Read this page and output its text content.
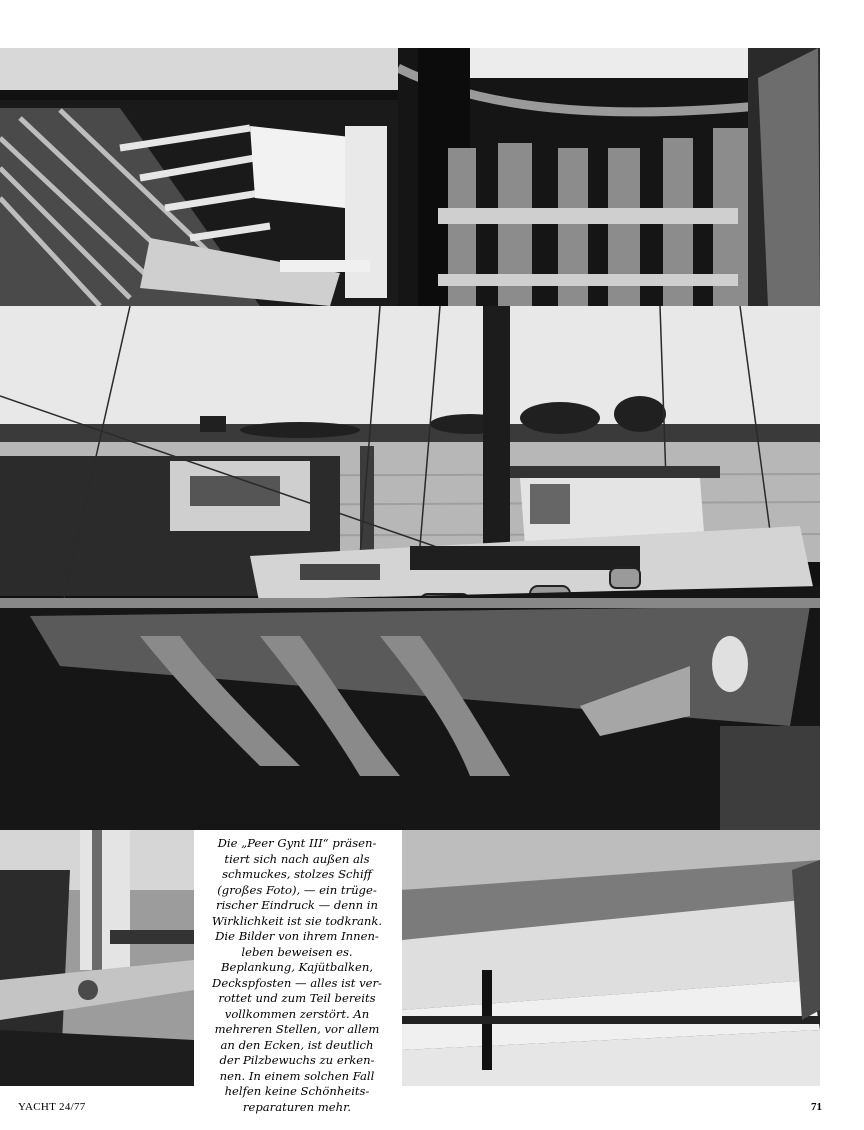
Die „Peer Gynt III“ präsen-

tiert sich nach außen als

schmuckes, stolzes Schiff

(großes Foto), — ein trüge-

rischer Eindruck — denn in

Wirklichkeit ist sie todkrank.

Die Bilder von ihrem Innen-

leben beweisen es.

Beplankung, Kajütbalken,

Deckspfosten — alles ist ver-

rottet und zum Teil bereits

vollkommen zerstört. An

mehreren Stellen, vor allem

an den Ecken, ist deutlich

der Pilzbewuchs zu erken-

nen. In einem solchen Fall

helfen keine Schönheits-

reparaturen mehr.

YACHT 24/77	71
